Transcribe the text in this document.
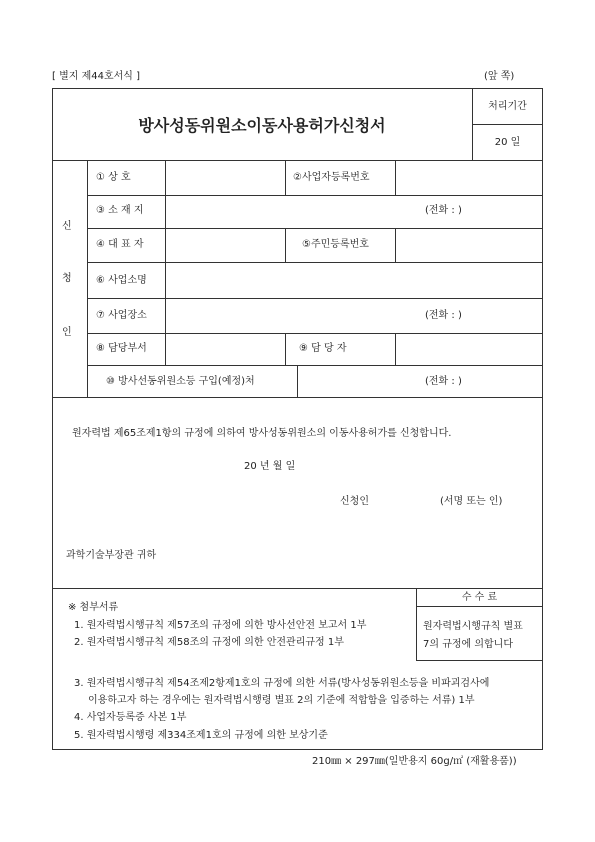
[ 별지 제44호서식 ]	(앞 쪽)
방사성동위원소이동사용허가신청서
처리기간
20 일
신
청
인
① 상 호	②사업자등록번호
③ 소 재 지	(전화 : )
④ 대 표 자	⑤주민등록번호
⑥ 사업소명
⑦ 사업장소	(전화 : )
⑧ 담당부서	⑨ 담 당 자
⑩ 방사선동위원소등 구입(예정)처	(전화 : )
원자력법 제65조제1항의 규정에 의하여 방사성동위원소의 이동사용허가를 신청합니다.
20 년 월 일
신청인	(서명 또는 인)
과학기술부장관 귀하
수 수 료
원자력법시행규칙 별표
7의 규정에 의합니다
※ 첨부서류
1. 원자력법시행규칙 제57조의 규정에 의한 방사선안전 보고서 1부
2. 원자력법시행규칙 제58조의 규정에 의한 안전관리규정 1부
3. 원자력법시행규칙 제54조제2항제1호의 규정에 의한 서류(방사성동위원소등을 비파괴검사에
이용하고자 하는 경우에는 원자력법시행령 별표 2의 기준에 적합함을 입증하는 서류) 1부
4. 사업자등록증 사본 1부
5. 원자력법시행령 제334조제1호의 규정에 의한 보상기준
210㎜ × 297㎜(일반용지 60g/㎡ (재활용품))
